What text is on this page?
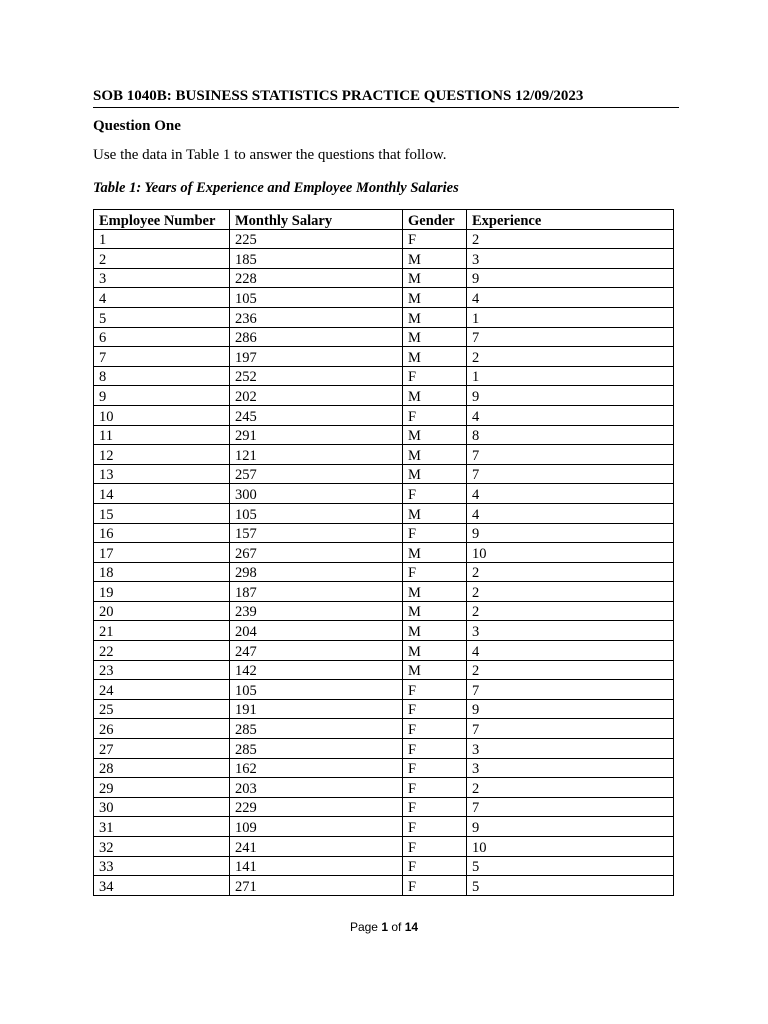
SOB 1040B: BUSINESS STATISTICS PRACTICE QUESTIONS 12/09/2023
Question One
Use the data in Table 1 to answer the questions that follow.
Table 1: Years of Experience and Employee Monthly Salaries
Employee Number	Monthly Salary	Gender	Experience
1	225	F	2
2	185	M	3
3	228	M	9
4	105	M	4
5	236	M	1
6	286	M	7
7	197	M	2
8	252	F	1
9	202	M	9
10	245	F	4
11	291	M	8
12	121	M	7
13	257	M	7
14	300	F	4
15	105	M	4
16	157	F	9
17	267	M	10
18	298	F	2
19	187	M	2
20	239	M	2
21	204	M	3
22	247	M	4
23	142	M	2
24	105	F	7
25	191	F	9
26	285	F	7
27	285	F	3
28	162	F	3
29	203	F	2
30	229	F	7
31	109	F	9
32	241	F	10
33	141	F	5
34	271	F	5
Page 1 of 14
